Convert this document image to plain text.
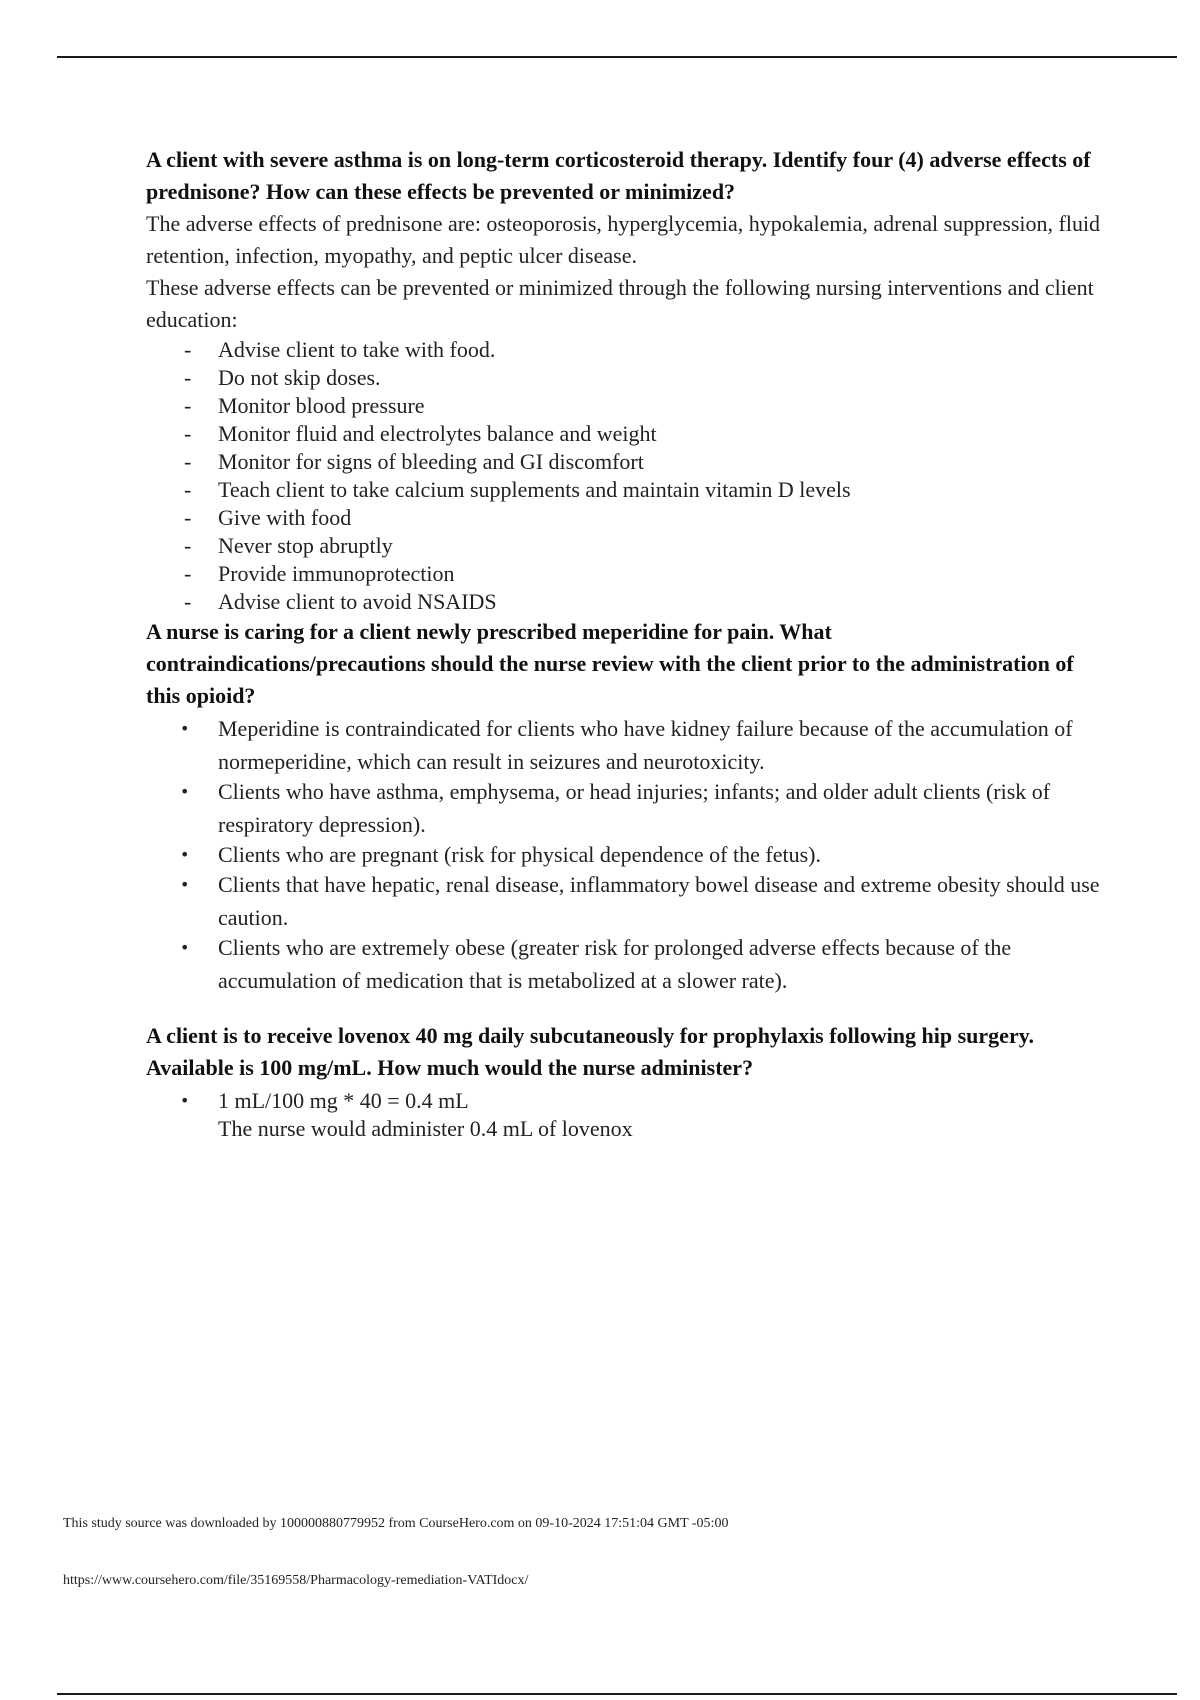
A client with severe asthma is on long-term corticosteroid therapy. Identify four (4) adverse effects of prednisone? How can these effects be prevented or minimized?

The adverse effects of prednisone are: osteoporosis, hyperglycemia, hypokalemia, adrenal suppression, fluid retention, infection, myopathy, and peptic ulcer disease.

These adverse effects can be prevented or minimized through the following nursing interventions and client education:

- Advise client to take with food.
- Do not skip doses.
- Monitor blood pressure
- Monitor fluid and electrolytes balance and weight
- Monitor for signs of bleeding and GI discomfort
- Teach client to take calcium supplements and maintain vitamin D levels
- Give with food
- Never stop abruptly
- Provide immunoprotection
- Advise client to avoid NSAIDS

A nurse is caring for a client newly prescribed meperidine for pain. What contraindications/precautions should the nurse review with the client prior to the administration of this opioid?

• Meperidine is contraindicated for clients who have kidney failure because of the accumulation of normeperidine, which can result in seizures and neurotoxicity.
• Clients who have asthma, emphysema, or head injuries; infants; and older adult clients (risk of respiratory depression).
• Clients who are pregnant (risk for physical dependence of the fetus).
• Clients that have hepatic, renal disease, inflammatory bowel disease and extreme obesity should use caution.
• Clients who are extremely obese (greater risk for prolonged adverse effects because of the accumulation of medication that is metabolized at a slower rate).

A client is to receive lovenox 40 mg daily subcutaneously for prophylaxis following hip surgery. Available is 100 mg/mL. How much would the nurse administer?

• 1 mL/100 mg * 40 = 0.4 mL
The nurse would administer 0.4 mL of lovenox
This study source was downloaded by 100000880779952 from CourseHero.com on 09-10-2024 17:51:04 GMT -05:00
https://www.coursehero.com/file/35169558/Pharmacology-remediation-VATIdocx/
